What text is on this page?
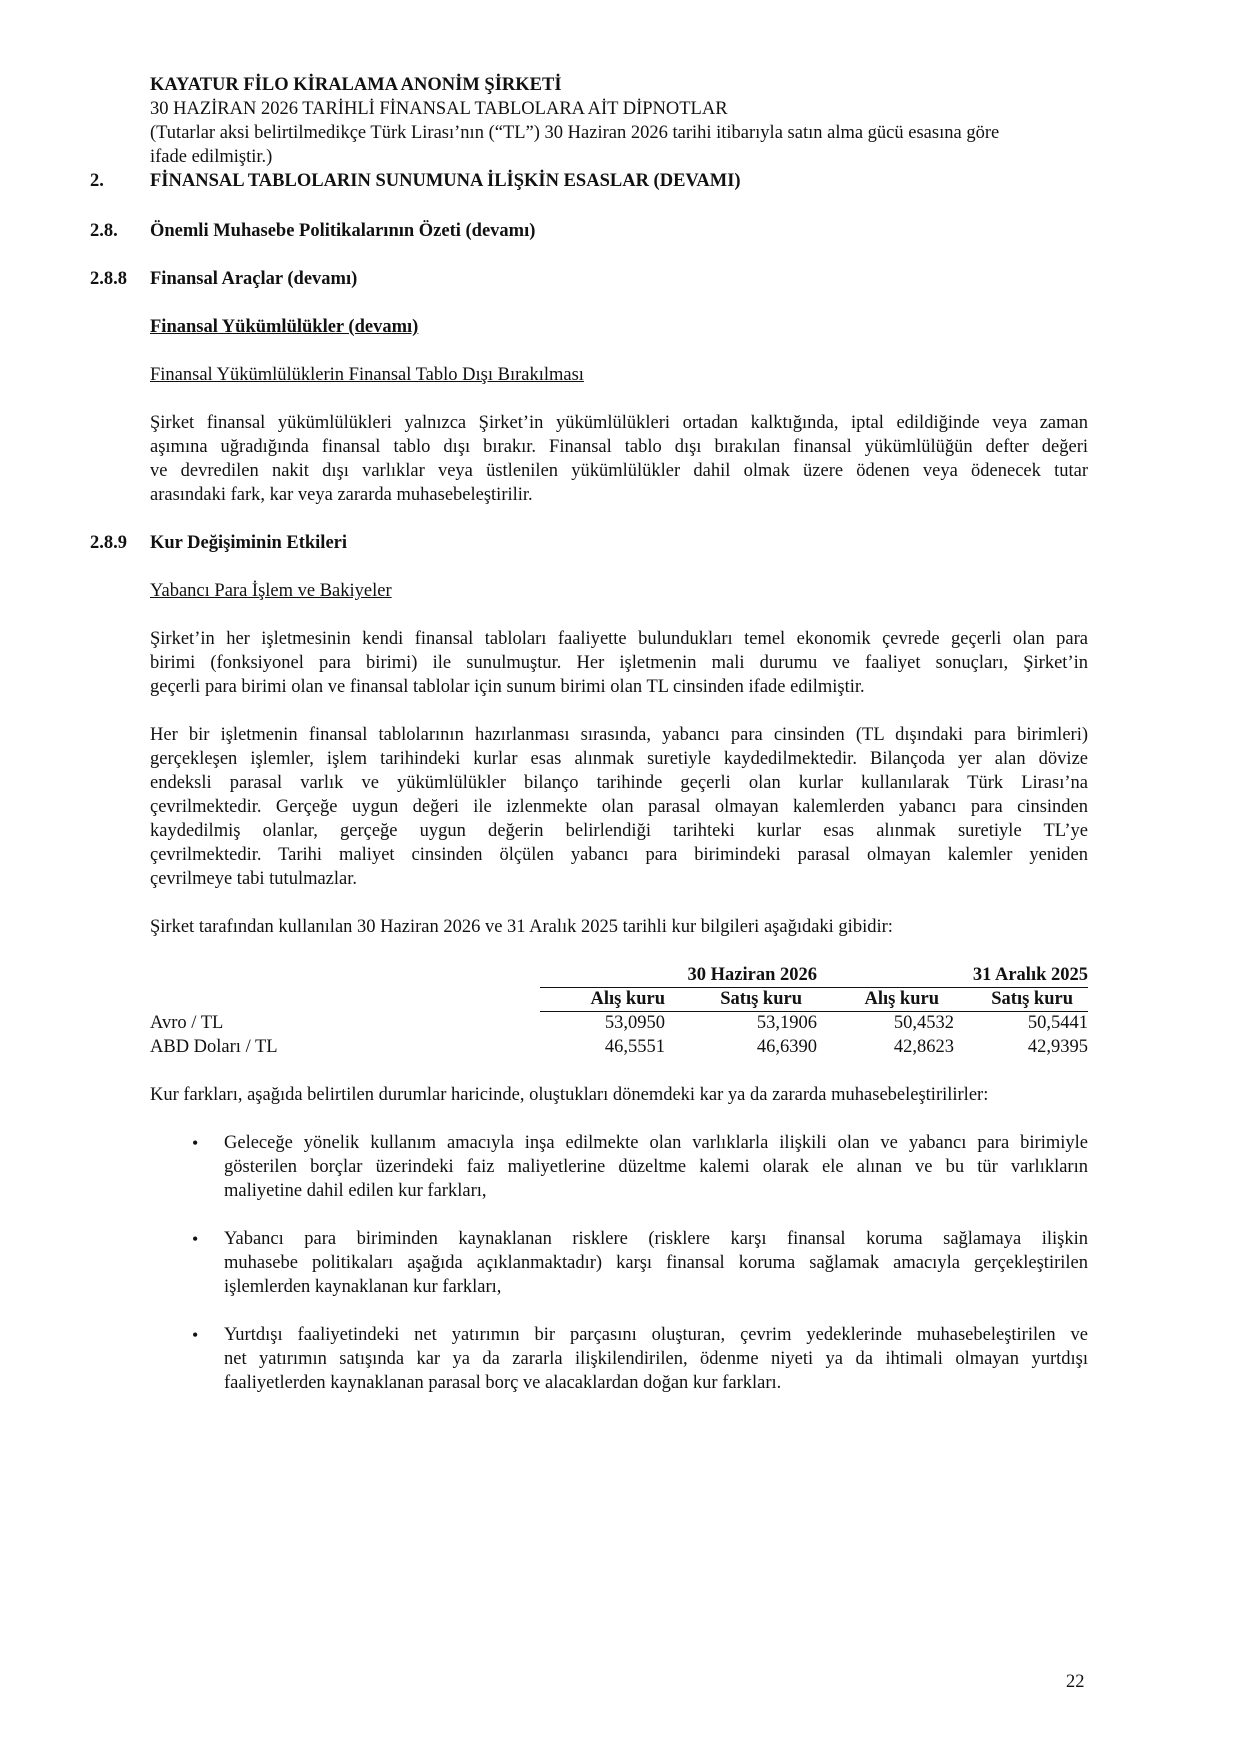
KAYATUR FİLO KİRALAMA ANONİM ŞİRKETİ
30 HAZİRAN 2026 TARİHLİ FİNANSAL TABLOLARA AİT DİPNOTLAR
(Tutarlar aksi belirtilmedikçe Türk Lirası’nın (“TL”) 30 Haziran 2026 tarihi itibarıyla satın alma gücü esasına göre
ifade edilmiştir.)
2. FİNANSAL TABLOLARIN SUNUMUNA İLİŞKİN ESASLAR (DEVAMI)
2.8. Önemli Muhasebe Politikalarının Özeti (devamı)
2.8.8 Finansal Araçlar (devamı)
Finansal Yükümlülükler (devamı)
Finansal Yükümlülüklerin Finansal Tablo Dışı Bırakılması
Şirket finansal yükümlülükleri yalnızca Şirket’in yükümlülükleri ortadan kalktığında, iptal edildiğinde veya zaman
aşımına uğradığında finansal tablo dışı bırakır. Finansal tablo dışı bırakılan finansal yükümlülüğün defter değeri
ve devredilen nakit dışı varlıklar veya üstlenilen yükümlülükler dahil olmak üzere ödenen veya ödenecek tutar
arasındaki fark, kar veya zararda muhasebeleştirilir.
2.8.9 Kur Değişiminin Etkileri
Yabancı Para İşlem ve Bakiyeler
Şirket’in her işletmesinin kendi finansal tabloları faaliyette bulundukları temel ekonomik çevrede geçerli olan para
birimi (fonksiyonel para birimi) ile sunulmuştur. Her işletmenin mali durumu ve faaliyet sonuçları, Şirket’in
geçerli para birimi olan ve finansal tablolar için sunum birimi olan TL cinsinden ifade edilmiştir.
Her bir işletmenin finansal tablolarının hazırlanması sırasında, yabancı para cinsinden (TL dışındaki para birimleri)
gerçekleşen işlemler, işlem tarihindeki kurlar esas alınmak suretiyle kaydedilmektedir. Bilançoda yer alan dövize
endeksli parasal varlık ve yükümlülükler bilanço tarihinde geçerli olan kurlar kullanılarak Türk Lirası’na
çevrilmektedir. Gerçeğe uygun değeri ile izlenmekte olan parasal olmayan kalemlerden yabancı para cinsinden
kaydedilmiş olanlar, gerçeğe uygun değerin belirlendiği tarihteki kurlar esas alınmak suretiyle TL’ye
çevrilmektedir. Tarihi maliyet cinsinden ölçülen yabancı para birimindeki parasal olmayan kalemler yeniden
çevrilmeye tabi tutulmazlar.
Şirket tarafından kullanılan 30 Haziran 2026 ve 31 Aralık 2025 tarihli kur bilgileri aşağıdaki gibidir:
30 Haziran 2026	31 Aralık 2025
Alış kuru	Satış kuru	Alış kuru	Satış kuru
Avro / TL	53,0950	53,1906	50,4532	50,5441
ABD Doları / TL	46,5551	46,6390	42,8623	42,9395
Kur farkları, aşağıda belirtilen durumlar haricinde, oluştukları dönemdeki kar ya da zararda muhasebeleştirilirler:
• Geleceğe yönelik kullanım amacıyla inşa edilmekte olan varlıklarla ilişkili olan ve yabancı para birimiyle
gösterilen borçlar üzerindeki faiz maliyetlerine düzeltme kalemi olarak ele alınan ve bu tür varlıkların
maliyetine dahil edilen kur farkları,
• Yabancı para biriminden kaynaklanan risklere (risklere karşı finansal koruma sağlamaya ilişkin
muhasebe politikaları aşağıda açıklanmaktadır) karşı finansal koruma sağlamak amacıyla gerçekleştirilen
işlemlerden kaynaklanan kur farkları,
• Yurtdışı faaliyetindeki net yatırımın bir parçasını oluşturan, çevrim yedeklerinde muhasebeleştirilen ve
net yatırımın satışında kar ya da zararla ilişkilendirilen, ödenme niyeti ya da ihtimali olmayan yurtdışı
faaliyetlerden kaynaklanan parasal borç ve alacaklardan doğan kur farkları.
22
